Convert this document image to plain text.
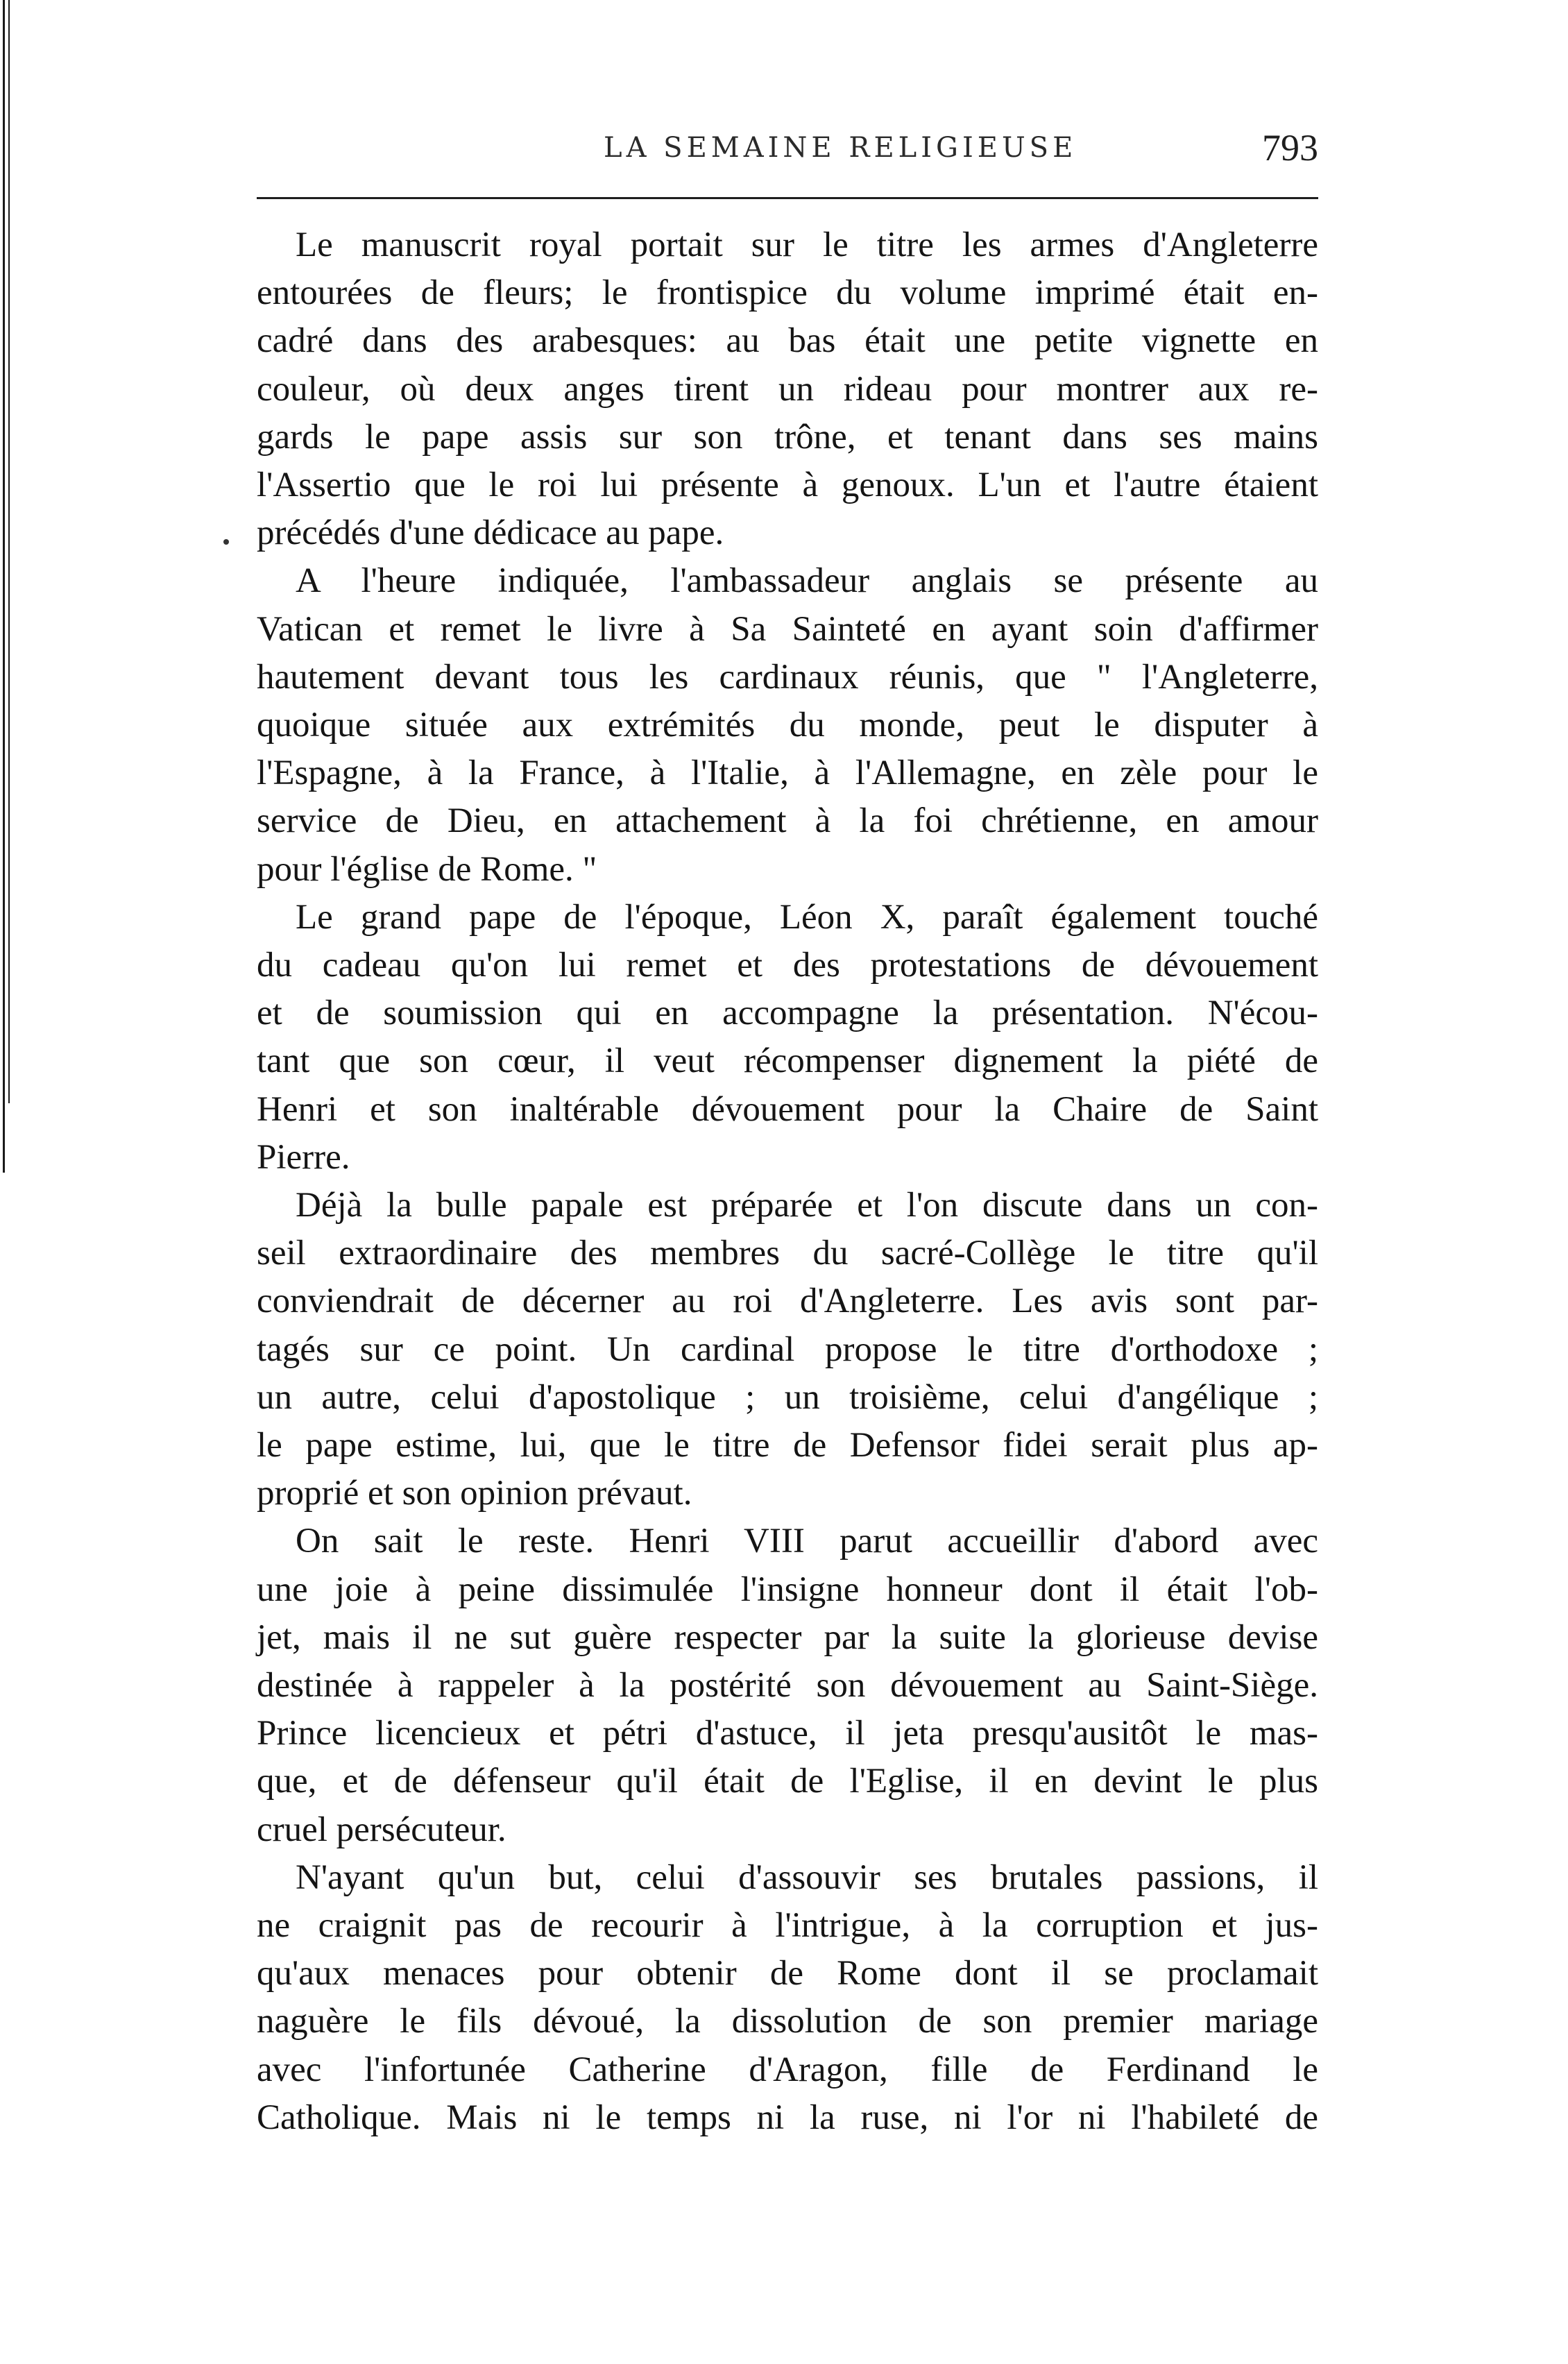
LA SEMAINE RELIGIEUSE	793
Le manuscrit royal portait sur le titre les armes d'Angleterre
entourées de fleurs; le frontispice du volume imprimé était en-
cadré dans des arabesques: au bas était une petite vignette en
couleur, où deux anges tirent un rideau pour montrer aux re-
gards le pape assis sur son trône, et tenant dans ses mains
l'Assertio que le roi lui présente à genoux. L'un et l'autre étaient
précédés d'une dédicace au pape.
A l'heure indiquée, l'ambassadeur anglais se présente au
Vatican et remet le livre à Sa Sainteté en ayant soin d'affirmer
hautement devant tous les cardinaux réunis, que " l'Angleterre,
quoique située aux extrémités du monde, peut le disputer à
l'Espagne, à la France, à l'Italie, à l'Allemagne, en zèle pour le
service de Dieu, en attachement à la foi chrétienne, en amour
pour l'église de Rome. "
Le grand pape de l'époque, Léon X, paraît également touché
du cadeau qu'on lui remet et des protestations de dévouement
et de soumission qui en accompagne la présentation. N'écou-
tant que son cœur, il veut récompenser dignement la piété de
Henri et son inaltérable dévouement pour la Chaire de Saint
Pierre.
Déjà la bulle papale est préparée et l'on discute dans un con-
seil extraordinaire des membres du sacré-Collège le titre qu'il
conviendrait de décerner au roi d'Angleterre. Les avis sont par-
tagés sur ce point. Un cardinal propose le titre d'orthodoxe ;
un autre, celui d'apostolique ; un troisième, celui d'angélique ;
le pape estime, lui, que le titre de Defensor fidei serait plus ap-
proprié et son opinion prévaut.
On sait le reste. Henri VIII parut accueillir d'abord avec
une joie à peine dissimulée l'insigne honneur dont il était l'ob-
jet, mais il ne sut guère respecter par la suite la glorieuse devise
destinée à rappeler à la postérité son dévouement au Saint-Siège.
Prince licencieux et pétri d'astuce, il jeta presqu'ausitôt le mas-
que, et de défenseur qu'il était de l'Eglise, il en devint le plus
cruel persécuteur.
N'ayant qu'un but, celui d'assouvir ses brutales passions, il
ne craignit pas de recourir à l'intrigue, à la corruption et jus-
qu'aux menaces pour obtenir de Rome dont il se proclamait
naguère le fils dévoué, la dissolution de son premier mariage
avec l'infortunée Catherine d'Aragon, fille de Ferdinand le
Catholique. Mais ni le temps ni la ruse, ni l'or ni l'habileté de
